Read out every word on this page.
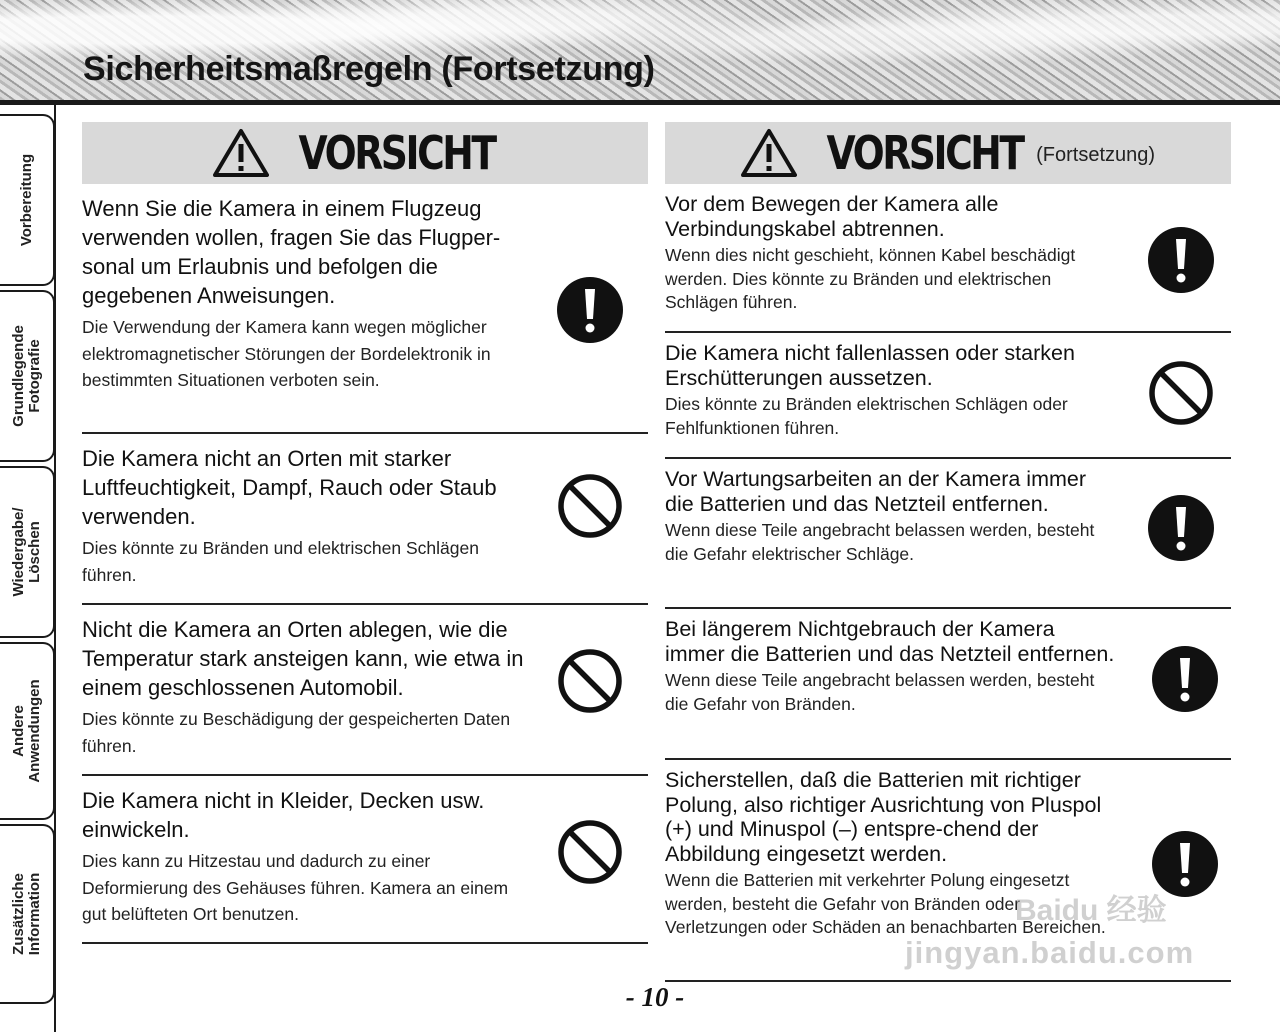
Sicherheitsmaßregeln (Fortsetzung)
Vorbereitung
Grundlegende
Fotografie
Wiedergabe/
Löschen
Andere
Anwendungen
Zusätzliche
Information
VORSICHT

Wenn Sie die Kamera in einem Flugzeug verwenden wollen, fragen Sie das Flugper-sonal um Erlaubnis und befolgen die gegebenen Anweisungen.

Die Verwendung der Kamera kann wegen möglicher elektromagnetischer Störungen der Bordelektronik in bestimmten Situationen verboten sein.

Die Kamera nicht an Orten mit starker Luftfeuchtigkeit, Dampf, Rauch oder Staub verwenden.

Dies könnte zu Bränden und elektrischen Schlägen führen.

Nicht die Kamera an Orten ablegen, wie die Temperatur stark ansteigen kann, wie etwa in einem geschlossenen Automobil.

Dies könnte zu Beschädigung der gespeicherten Daten führen.

Die Kamera nicht in Kleider, Decken usw. einwickeln.

Dies kann zu Hitzestau und dadurch zu einer Deformierung des Gehäuses führen. Kamera an einem gut belüfteten Ort benutzen.

VORSICHT (Fortsetzung)

Vor dem Bewegen der Kamera alle Verbindungskabel abtrennen.

Wenn dies nicht geschieht, können Kabel beschädigt werden. Dies könnte zu Bränden und elektrischen Schlägen führen.

Die Kamera nicht fallenlassen oder starken Erschütterungen aussetzen.

Dies könnte zu Bränden elektrischen Schlägen oder Fehlfunktionen führen.

Vor Wartungsarbeiten an der Kamera immer die Batterien und das Netzteil entfernen.

Wenn diese Teile angebracht belassen werden, besteht die Gefahr elektrischer Schläge.

Bei längerem Nichtgebrauch der Kamera immer die Batterien und das Netzteil entfernen.

Wenn diese Teile angebracht belassen werden, besteht die Gefahr von Bränden.

Sicherstellen, daß die Batterien mit richtiger Polung, also richtiger Ausrichtung von Pluspol (+) und Minuspol (–) entspre-chend der Abbildung eingesetzt werden.

Wenn die Batterien mit verkehrter Polung eingesetzt werden, besteht die Gefahr von Bränden oder Verletzungen oder Schäden an benachbarten Bereichen.

- 10 -
Baidu 经验
jingyan.baidu.com
